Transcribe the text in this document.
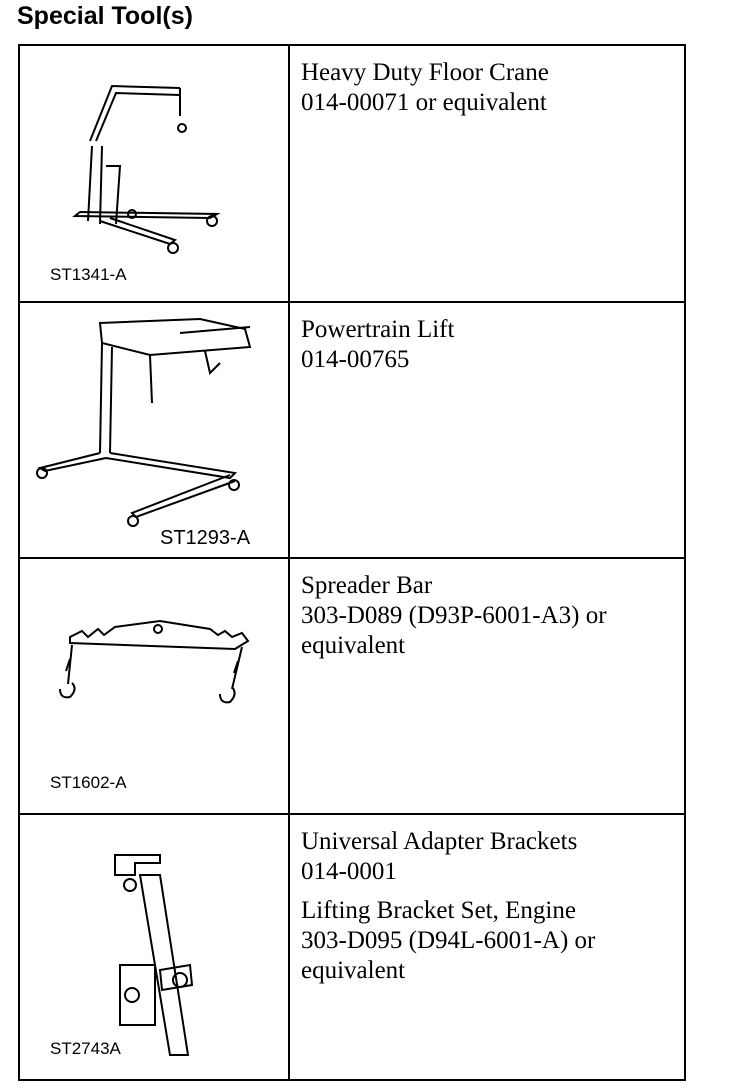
Special Tool(s)
ST1341-A	Heavy Duty Floor Crane

014-00071 or equivalent

ST1293-A	Powertrain Lift

014-00765

ST1602-A	Spreader Bar

303-D089 (D93P-6001-A3) or

equivalent

ST2743A	Universal Adapter Brackets

014-0001

Lifting Bracket Set, Engine

303-D095 (D94L-6001-A) or

equivalent
